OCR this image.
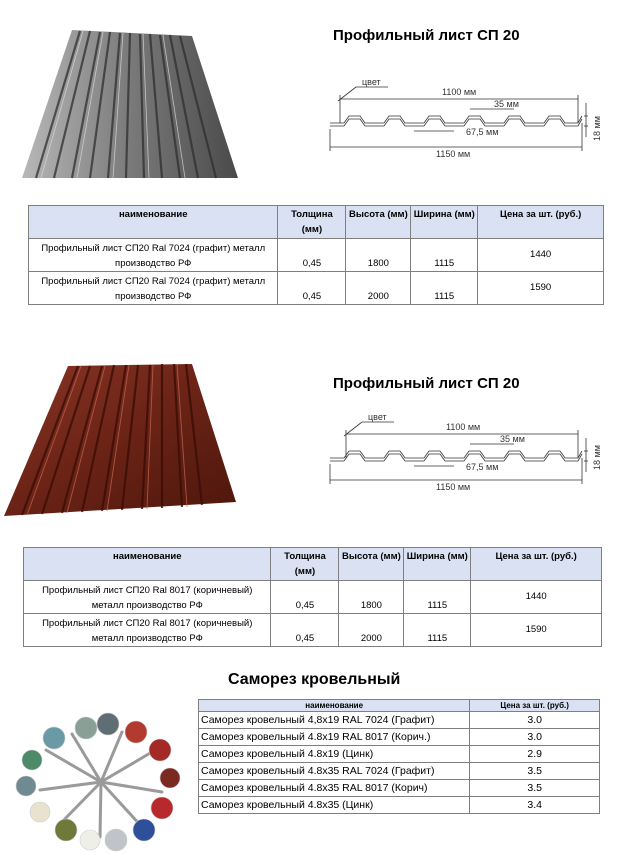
Профильный лист СП 20
цвет
1100 мм
35 мм
67,5 мм
1150 мм
18 мм
наименование	Толщина (мм)	Высота (мм)	Ширина (мм)	Цена за шт. (руб.)
Профильный лист СП20 Ral 7024 (графит) металл производство РФ	0,45	1800	1115	1440
Профильный лист СП20 Ral 7024 (графит) металл производство РФ	0,45	2000	1115	1590
Профильный лист СП 20
цвет
1100 мм
35 мм
67,5 мм
1150 мм
18 мм
наименование	Толщина (мм)	Высота (мм)	Ширина (мм)	Цена за шт. (руб.)
Профильный лист СП20 Ral 8017 (коричневый) металл производство РФ	0,45	1800	1115	1440
Профильный лист СП20 Ral 8017 (коричневый) металл производство РФ	0,45	2000	1115	1590
Саморез кровельный
наименование	Цена за шт. (руб.)
Саморез кровельный 4,8х19 RAL 7024 (Графит)	3.0
Саморез кровельный 4.8х19 RAL 8017 (Корич.)	3.0
Саморез кровельный 4.8х19 (Цинк)	2.9
Саморез кровельный 4.8х35 RAL 7024 (Графит)	3.5
Саморез кровельный 4.8х35 RAL 8017 (Корич)	3.5
Саморез кровельный 4.8х35 (Цинк)	3.4
